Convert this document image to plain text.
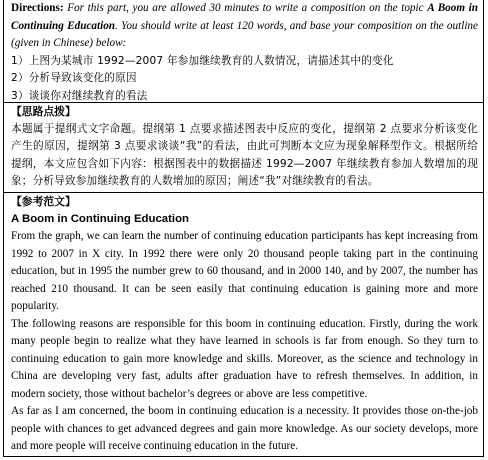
Directions: For this part, you are allowed 30 minutes to write a composition on the topic A Boom in Continuing Education. You should write at least 120 words, and base your composition on the outline (given in Chinese) below:

1）上图为某城市 1992—2007 年参加继续教育的人数情况，请描述其中的变化
2）分析导致该变化的原因
3）谈谈你对继续教育的看法

【思路点拨】

本题属于提纲式文字命题。提纲第 1 点要求描述图表中反应的变化，提纲第 2 点要求分析该变化产生的原因，提纲第 3 点要求谈谈“我”的看法，由此可判断本文应为现象解释型作文。根据所给提纲，本文应包含如下内容：根据图表中的数据描述 1992—2007 年继续教育参加人数增加的现象；分析导致参加继续教育的人数增加的原因；阐述“我”对继续教育的看法。

【参考范文】

A Boom in Continuing Education

From the graph, we can learn the number of continuing education participants has kept increasing from 1992 to 2007 in X city. In 1992 there were only 20 thousand people taking part in the continuing education, but in 1995 the number grew to 60 thousand, and in 2000 140, and by 2007, the number has reached 210 thousand. It can be seen easily that continuing education is gaining more and more popularity.

The following reasons are responsible for this boom in continuing education. Firstly, during the work many people begin to realize what they have learned in schools is far from enough. So they turn to continuing education to gain more knowledge and skills. Moreover, as the science and technology in China are developing very fast, adults after graduation have to refresh themselves. In addition, in modern society, those without bachelor’s degrees or above are less competitive.

As far as I am concerned, the boom in continuing education is a necessity. It provides those on-the-job people with chances to get advanced degrees and gain more knowledge. As our society develops, more and more people will receive continuing education in the future.
